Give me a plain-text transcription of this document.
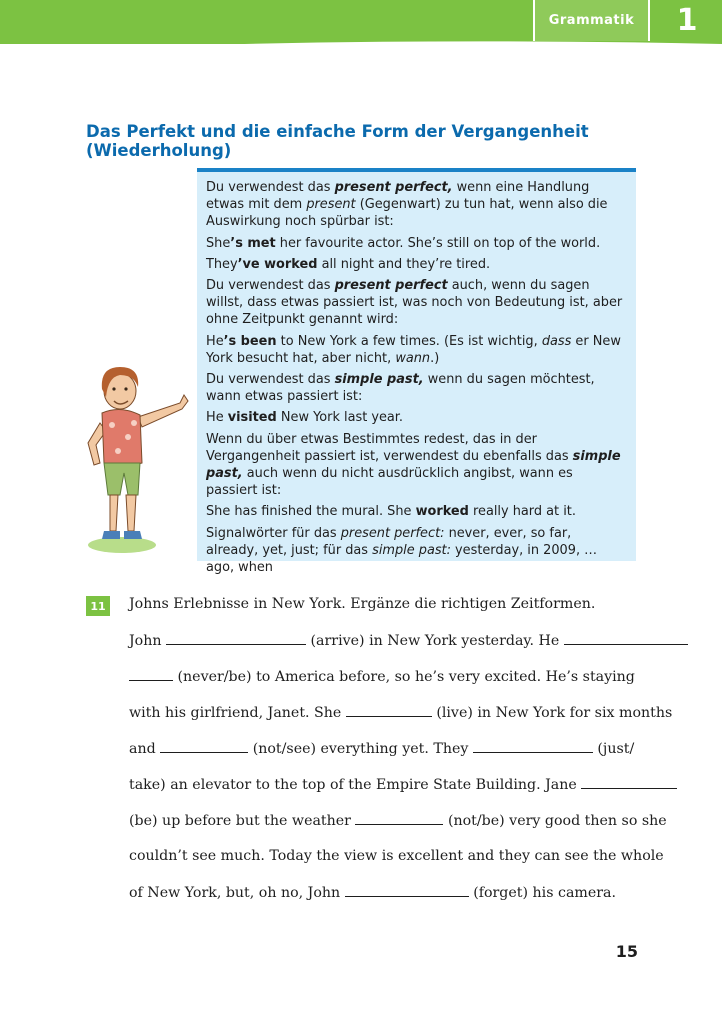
Grammatik	1
Das Perfekt und die einfache Form der Vergangenheit (Wiederholung)

Du verwendest das present perfect, wenn eine Handlung etwas mit dem present (Gegenwart) zu tun hat, wenn also die Auswirkung noch spürbar ist:

She’s met her favourite actor. She’s still on top of the world.

They’ve worked all night and they’re tired.

Du verwendest das present perfect auch, wenn du sagen willst, dass etwas passiert ist, was noch von Bedeutung ist, aber ohne Zeitpunkt genannt wird:

He’s been to New York a few times. (Es ist wichtig, dass er New York besucht hat, aber nicht, wann.)

Du verwendest das simple past, wenn du sagen möchtest, wann etwas passiert ist:

He visited New York last year.

Wenn du über etwas Bestimmtes redest, das in der Vergangenheit passiert ist, verwendest du ebenfalls das simple past, auch wenn du nicht ausdrücklich angibst, wann es passiert ist:

She has finished the mural. She worked really hard at it.

Signalwörter für das present perfect: never, ever, so far, already, yet, just; für das simple past: yesterday, in 2009, … ago, when

11	Johns Erlebnisse in New York. Ergänze die richtigen Zeitformen.
John	(arrive) in New York yesterday. He
(never/be) to America before, so he’s very excited. He’s staying
with his girlfriend, Janet. She	(live) in New York for six months
and	(not/see) everything yet. They	(just/
take) an elevator to the top of the Empire State Building. Jane
(be) up before but the weather	(not/be) very good then so she
couldn’t see much. Today the view is excellent and they can see the whole
of New York, but, oh no, John	(forget) his camera.
15
